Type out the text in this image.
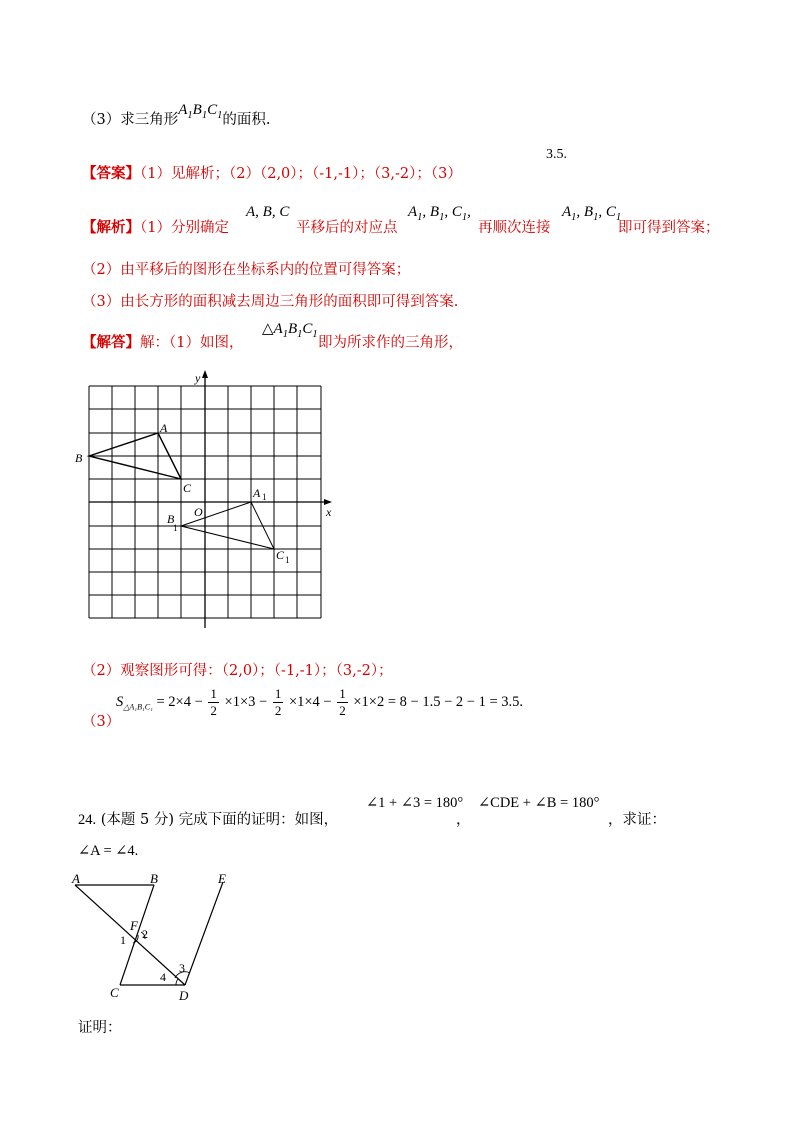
（3）求三角形$A_1B_1C_1$的面积.
【答案】（1）见解析；（2）（2,0）；（-1,-1）；（3,-2）；（3）
3.5.
【解析】（1）分别确定
A, B, C
平移后的对应点
$A_1$, $B_1$, $C_1$,
再顺次连接
$A_1$, $B_1$, $C_1$
即可得到答案；
（2）由平移后的图形在坐标系内的位置可得答案；
（3）由长方形的面积减去周边三角形的面积即可得到答案.
【解答】解：（1）如图，
$\triangle A_1B_1C_1$
即为所求作的三角形，
y
x
O
A
B
C	A 1
B
1
C 1
（2）观察图形可得：（2,0）；（-1,-1）；（3,-2）；
（3）
$S_{\triangle A_1B_1C_1} = 2\times 4 - \frac{1}{2} \times 1\times 3 - \frac{1}{2} \times 1\times 4 - \frac{1}{2} \times 1\times 2 = 8 - 1.5 - 2 - 1 = 3.5$.
24. (本题 5 分) 完成下面的证明：如图，
∠1 + ∠3 = 180°
，
∠CDE + ∠B = 180°
，求证：
∠A = ∠4.
A	B	E
F
C	D
1 2
3
4
证明：
